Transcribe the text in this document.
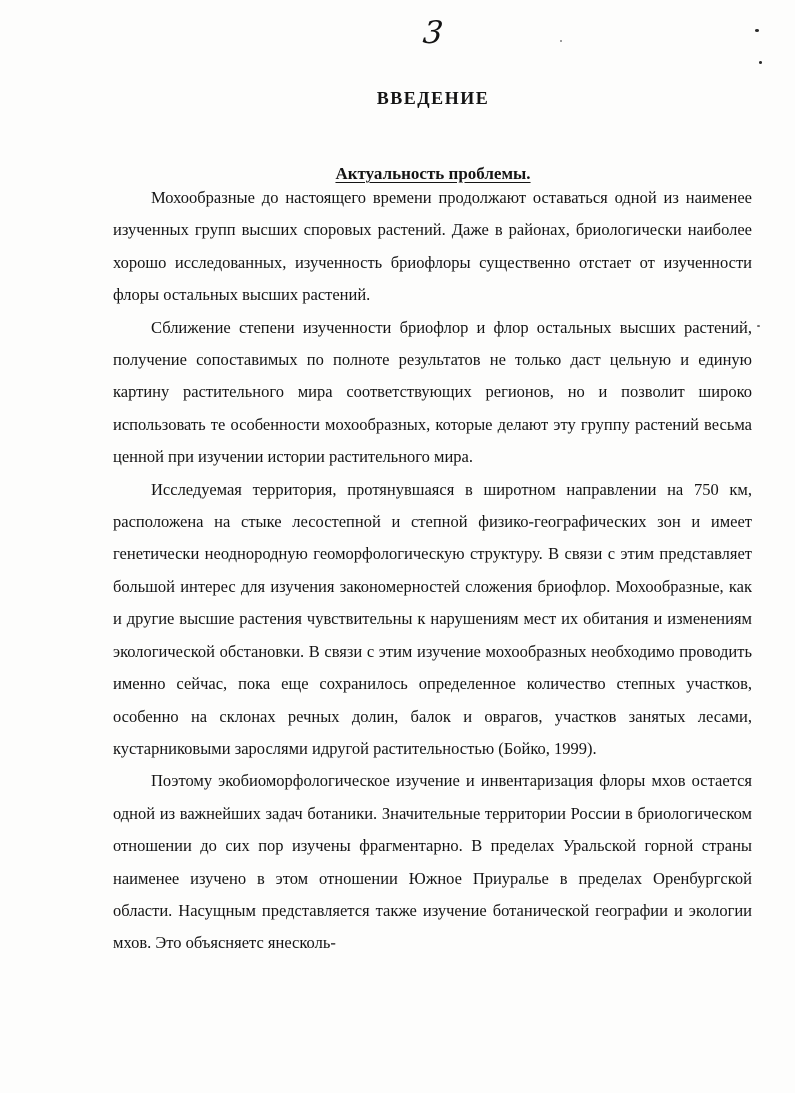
3
ВВЕДЕНИЕ
Актуальность проблемы.

Мохообразные до настоящего времени продолжают оставаться одной из наименее изученных групп высших споровых растений. Даже в районах, бриологически наиболее хорошо исследованных, изученность бриофлоры существенно отстает от изученности флоры остальных высших растений.

Сближение степени изученности бриофлор и флор остальных высших растений, получение сопоставимых по полноте результатов не только даст цельную и единую картину растительного мира соответствующих регионов, но и позволит широко использовать те особенности мохообразных, которые делают эту группу растений весьма ценной при изучении истории растительного мира.

Исследуемая территория, протянувшаяся в широтном направлении на 750 км, расположена на стыке лесостепной и степной физико-географических зон и имеет генетически неоднородную геоморфологическую структуру. В связи с этим представляет большой интерес для изучения закономерностей сложения бриофлор. Мохообразные, как и другие высшие растения чувствительны к нарушениям мест их обитания и изменениям экологической обстановки. В связи с этим изучение мохообразных необходимо проводить именно сейчас, пока еще сохранилось определенное количество степных участков, особенно на склонах речных долин, балок и оврагов, участков занятых лесами, кустарниковыми зарослями идругой растительностью (Бойко, 1999).

Поэтому экобиоморфологическое изучение и инвентаризация флоры мхов остается одной из важнейших задач ботаники. Значительные территории России в бриологическом отношении до сих пор изучены фрагментарно. В пределах Уральской горной страны наименее изучено в этом отношении Южное Приуралье в пределах Оренбургской области. Насущным представляется также изучение ботанической географии и экологии мхов. Это объясняетс янесколь-
